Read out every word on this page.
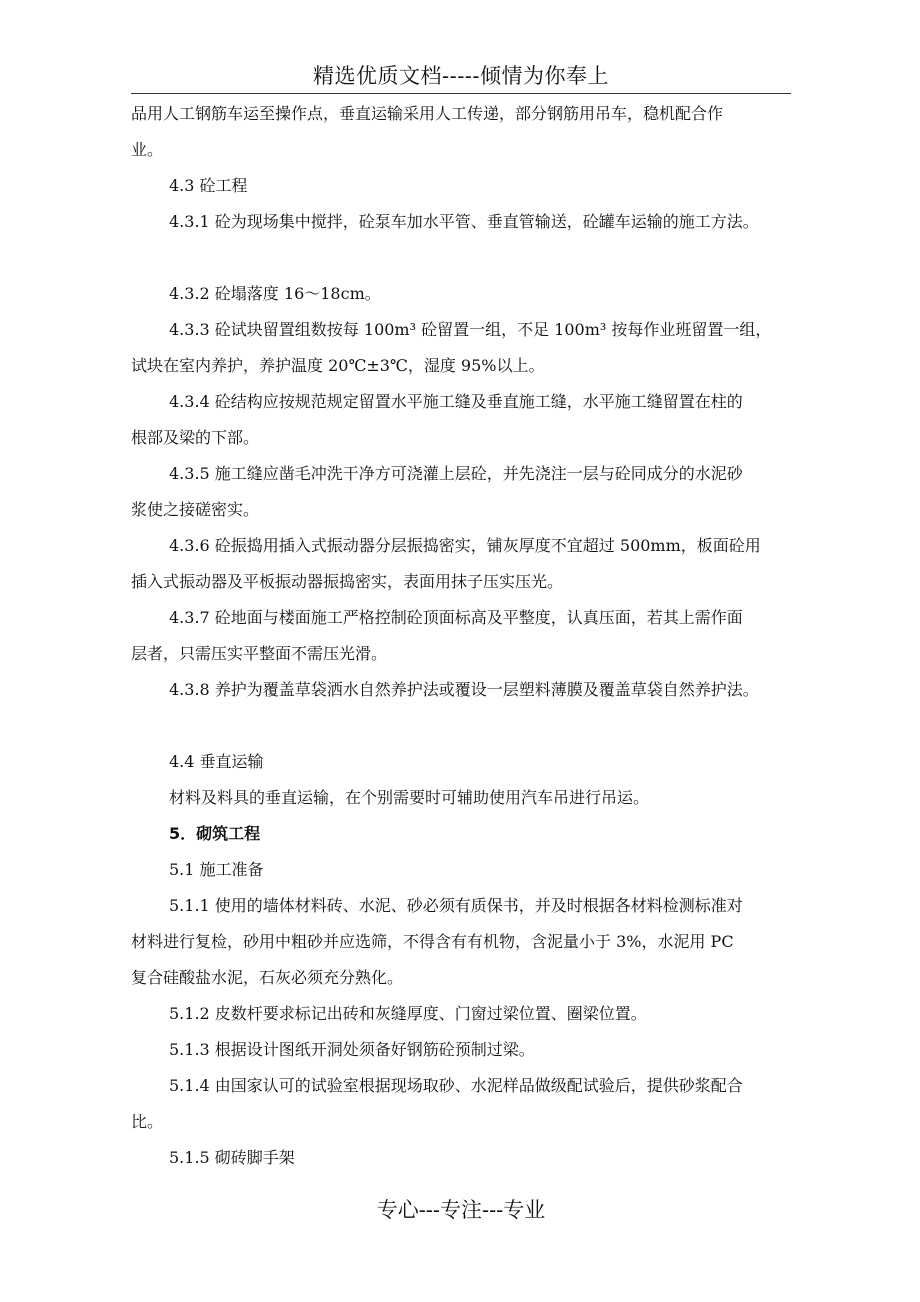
精选优质文档-----倾情为你奉上

品用人工钢筋车运至操作点，垂直运输采用人工传递，部分钢筋用吊车，稳机配合作

业。

4.3 砼工程

4.3.1 砼为现场集中搅拌，砼泵车加水平管、垂直管输送，砼罐车运输的施工方法。

4.3.2 砼塌落度 16～18cm。

4.3.3 砼试块留置组数按每 100m³ 砼留置一组，不足 100m³ 按每作业班留置一组，

试块在室内养护，养护温度 20℃±3℃，湿度 95%以上。

4.3.4 砼结构应按规范规定留置水平施工缝及垂直施工缝，水平施工缝留置在柱的

根部及梁的下部。

4.3.5 施工缝应凿毛冲洗干净方可浇灌上层砼，并先浇注一层与砼同成分的水泥砂

浆使之接磋密实。

4.3.6 砼振捣用插入式振动器分层振捣密实，铺灰厚度不宜超过 500mm，板面砼用

插入式振动器及平板振动器振捣密实，表面用抹子压实压光。

4.3.7 砼地面与楼面施工严格控制砼顶面标高及平整度，认真压面，若其上需作面

层者，只需压实平整面不需压光滑。

4.3.8 养护为覆盖草袋洒水自然养护法或覆设一层塑料薄膜及覆盖草袋自然养护法。

4.4 垂直运输

材料及料具的垂直运输，在个别需要时可辅助使用汽车吊进行吊运。

5．砌筑工程

5.1 施工准备

5.1.1 使用的墙体材料砖、水泥、砂必须有质保书，并及时根据各材料检测标准对

材料进行复检，砂用中粗砂并应选筛，不得含有有机物，含泥量小于 3%，水泥用 PC

复合硅酸盐水泥，石灰必须充分熟化。

5.1.2 皮数杆要求标记出砖和灰缝厚度、门窗过梁位置、圈梁位置。

5.1.3 根据设计图纸开洞处须备好钢筋砼预制过梁。

5.1.4 由国家认可的试验室根据现场取砂、水泥样品做级配试验后，提供砂浆配合

比。

5.1.5 砌砖脚手架

专心---专注---专业
